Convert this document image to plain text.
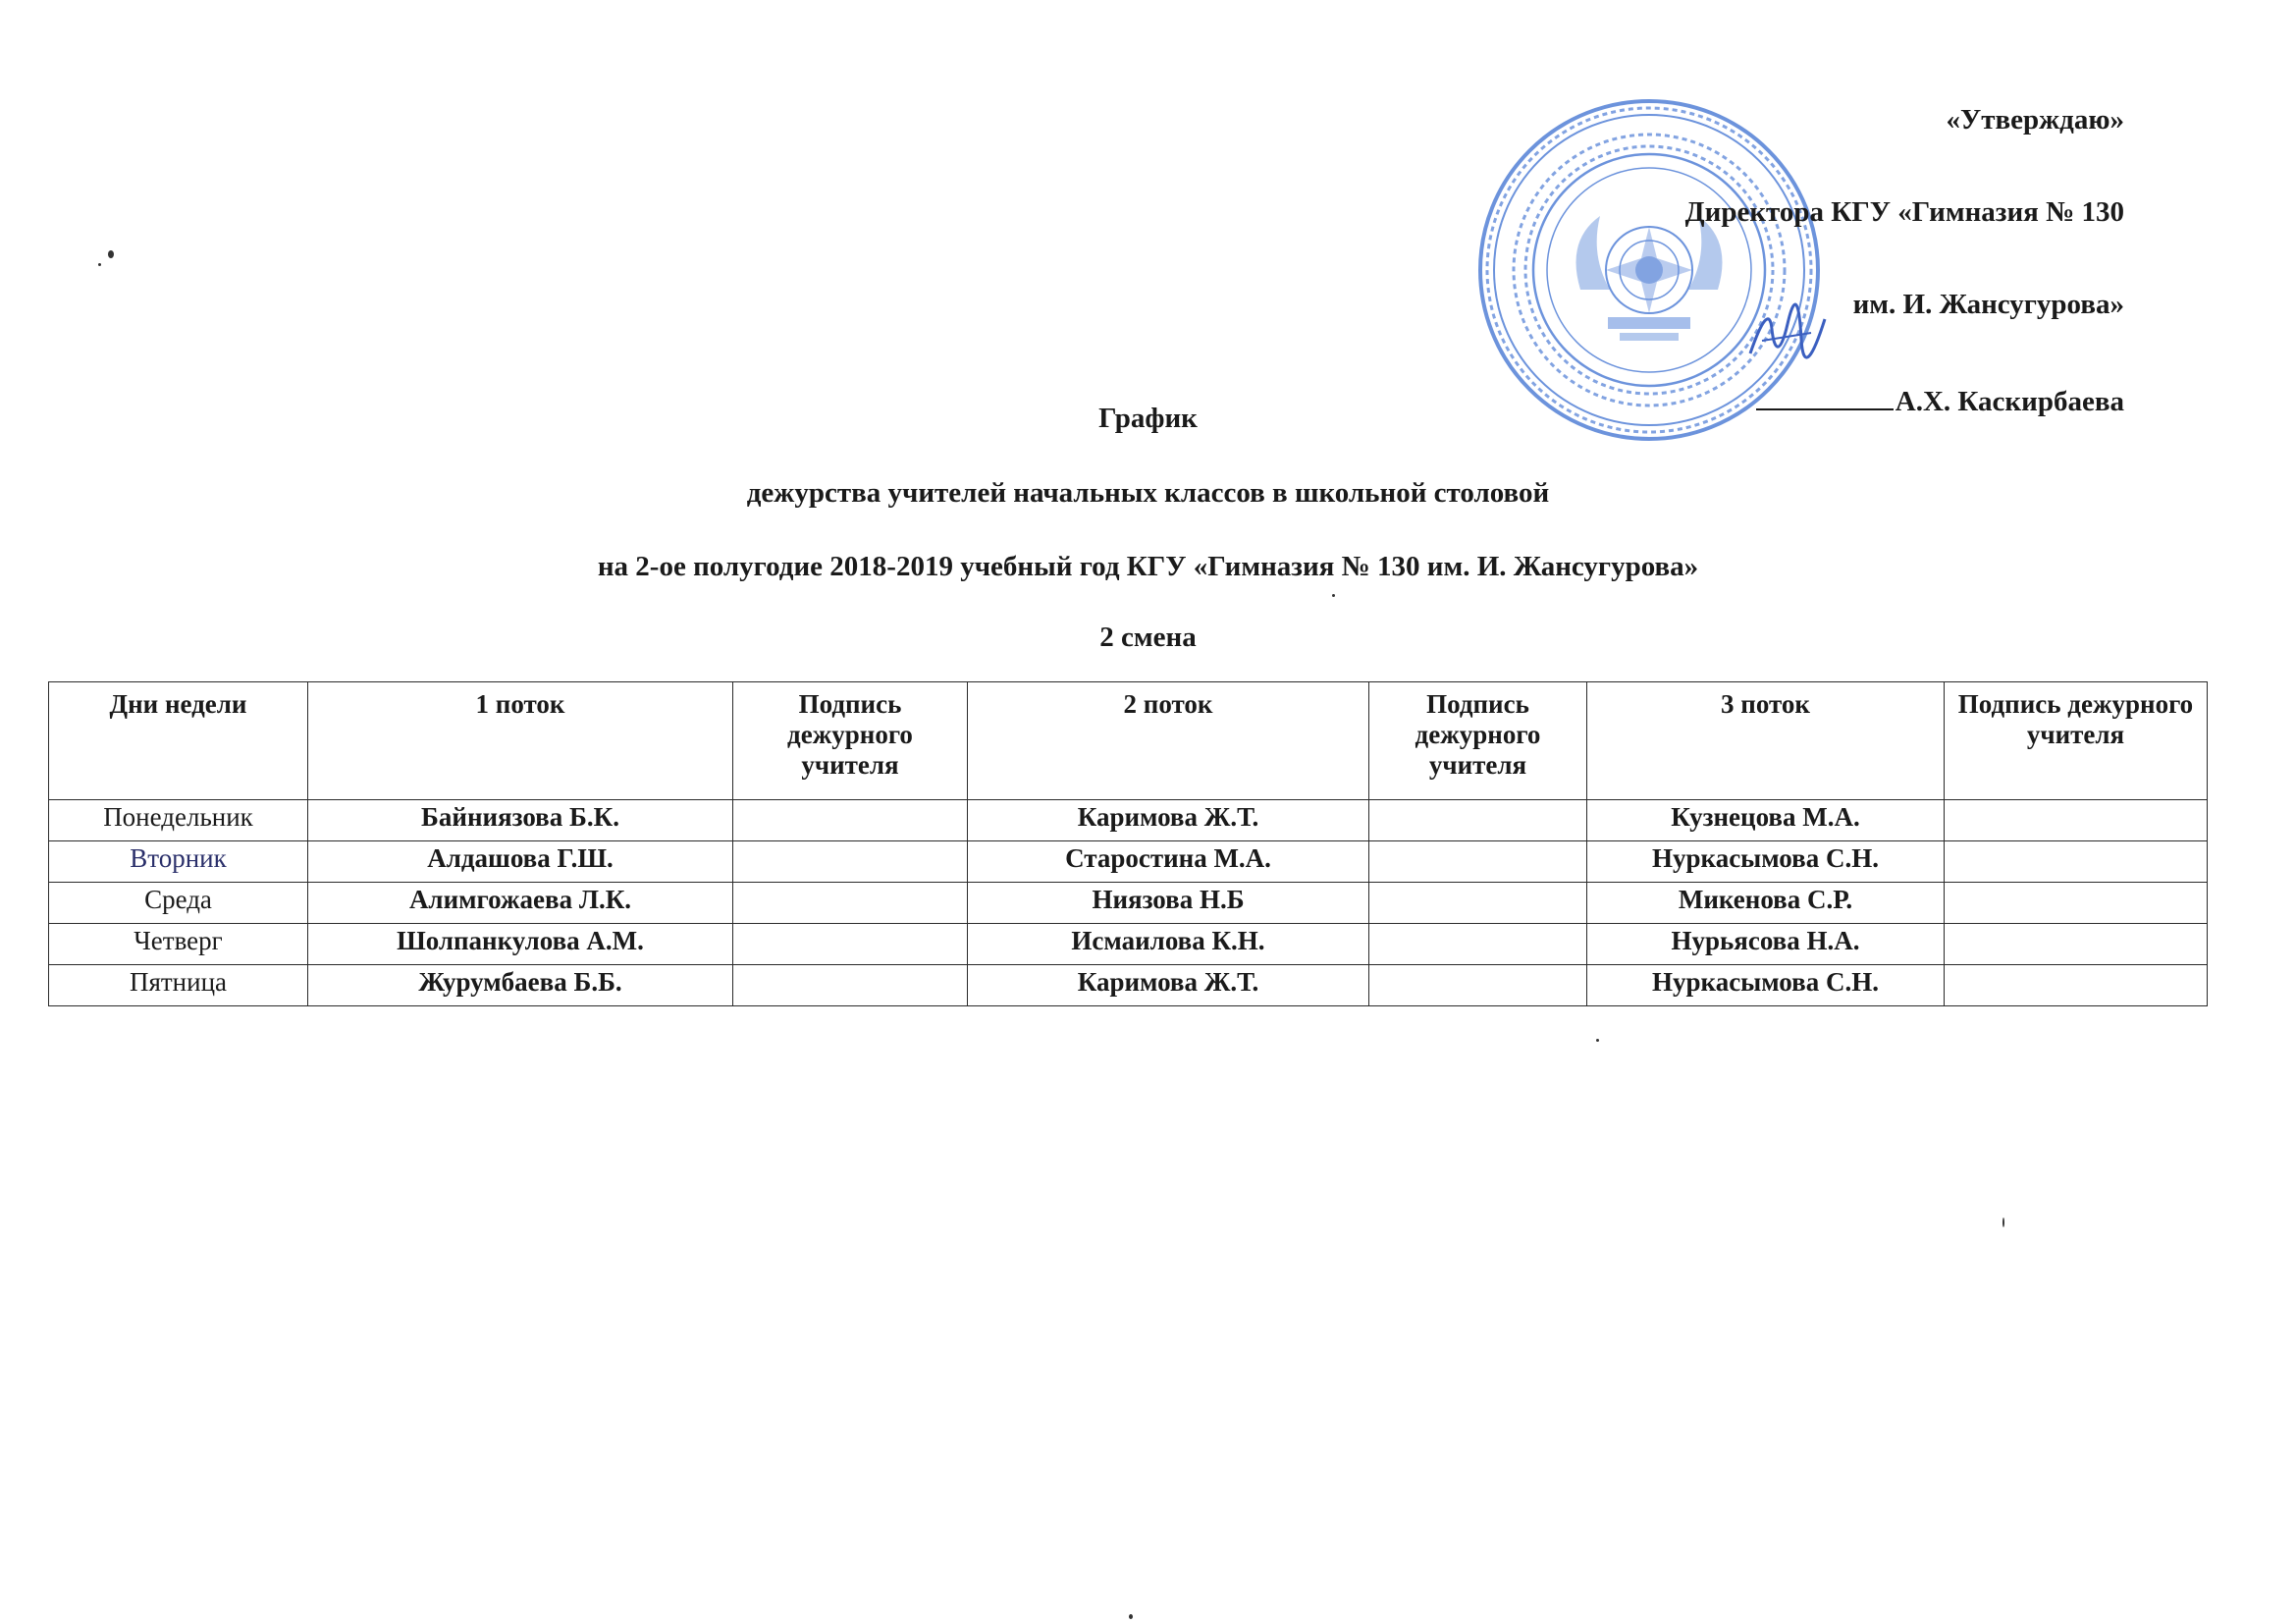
«Утверждаю»
Директора КГУ «Гимназия № 130
им. И. Жансугурова»
А.Х. Каскирбаева
График
дежурства учителей начальных классов в школьной столовой
на 2-ое полугодие 2018-2019 учебный год КГУ «Гимназия № 130 им. И. Жансугурова»
2 смена
Дни недели	1 поток	Подпись дежурного учителя	2 поток	Подпись дежурного учителя	3 поток	Подпись дежурного учителя
Понедельник	Байниязова Б.К.		Каримова Ж.Т.		Кузнецова М.А.	
Вторник	Алдашова Г.Ш.		Старостина М.А.		Нуркасымова С.Н.	
Среда	Алимгожаева Л.К.		Ниязова Н.Б		Микенова С.Р.	
Четверг	Шолпанкулова А.М.		Исмаилова К.Н.		Нурьясова Н.А.	
Пятница	Журумбаева Б.Б.		Каримова Ж.Т.		Нуркасымова С.Н.	
